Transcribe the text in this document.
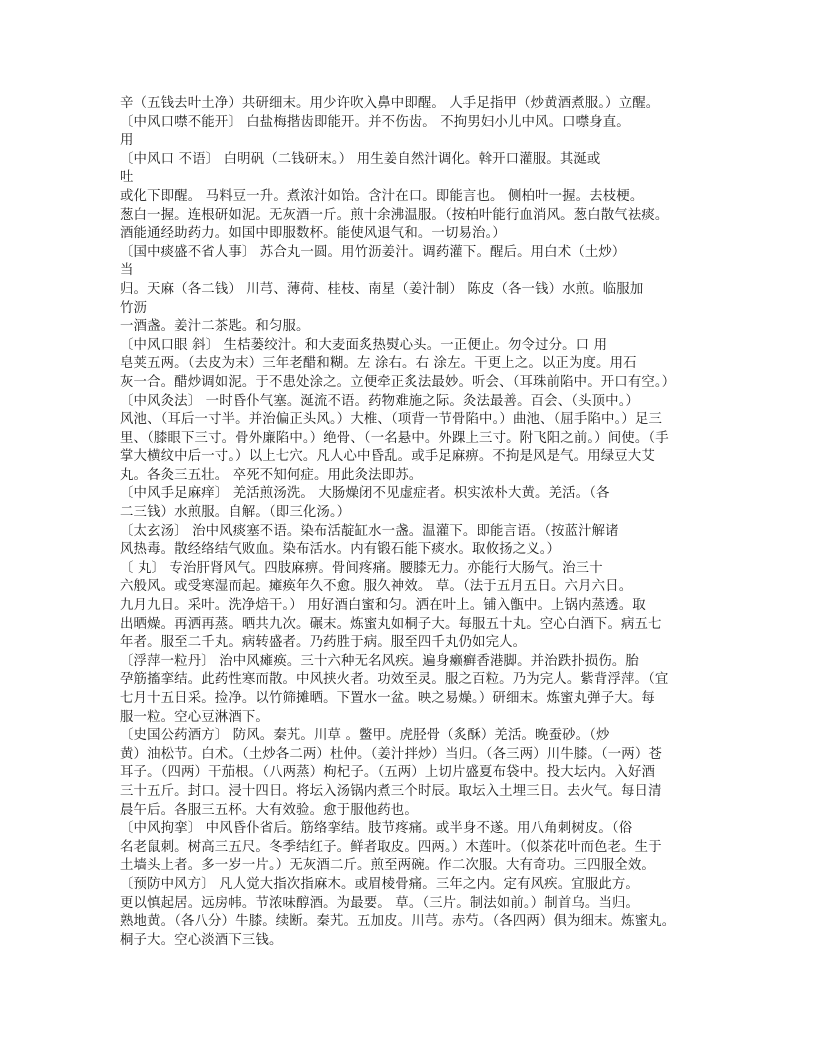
辛（五钱去叶土净）共研细末。用少许吹入鼻中即醒。 人手足指甲（炒黄酒煮服。）立醒。
〔中风口噤不能开〕 白盐梅揩齿即能开。并不伤齿。 不拘男妇小儿中风。口噤身直。
用
〔中风口 不语〕 白明矾（二钱研末。） 用生姜自然汁调化。斡开口灌服。其涎或
吐
或化下即醒。 马料豆一升。煮浓汁如饴。含汁在口。即能言也。 侧柏叶一握。去枝梗。
葱白一握。连根研如泥。无灰酒一斤。煎十余沸温服。（按柏叶能行血消风。葱白散气祛痰。
酒能通经助药力。如国中即服数杯。能使风退气和。一切易治。）
〔国中痰盛不省人事〕 苏合丸一圆。用竹沥姜汁。调药灌下。醒后。用白术（土炒）
当
归。天麻（各二钱） 川芎、薄荷、桂枝、南星（姜汁制） 陈皮（各一钱）水煎。临服加
竹沥
一酒盏。姜汁二茶匙。和匀服。
〔中风口眼 斜〕 生桔蒌绞汁。和大麦面炙热熨心头。一正便止。勿令过分。口 用
皂荚五两。（去皮为末）三年老醋和糊。左 涂右。右 涂左。干更上之。以正为度。用石
灰一合。醋炒调如泥。于不患处涂之。立便牵正炙法最妙。听会、（耳珠前陷中。开口有空。）
〔中风灸法〕 一时昏仆气塞。涎流不语。药物难施之际。灸法最善。百会、（头顶中。）
风池、（耳后一寸半。并治偏正头风。）大椎、（项背一节骨陷中。）曲池、（屈手陷中。）足三
里、（膝眼下三寸。骨外廉陷中。）绝骨、（一名悬中。外踝上三寸。附飞阳之前。）间使。（手
掌大横纹中后一寸。）以上七穴。凡人心中昏乱。或手足麻痹。不拘是风是气。用绿豆大艾
丸。各灸三五壮。 卒死不知何症。用此灸法即苏。
〔中风手足麻痒〕 羌活煎汤洗。 大肠燥闭不见虚症者。枳实浓朴大黄。羌活。（各
二三钱）水煎服。自解。（即三化汤。）
〔太玄汤〕 治中风痰塞不语。染布活靛缸水一盏。温灌下。即能言语。（按蓝汁解诸
风热毒。散经络结气败血。染布活水。内有锻石能下痰水。取攸扬之义。）
〔 丸〕 专治肝肾风气。四肢麻痹。骨间疼痛。腰膝无力。亦能行大肠气。治三十
六般风。或受寒湿而起。瘫痪年久不愈。服久神效。 草。（法于五月五日。六月六日。
九月九日。采叶。洗净焙干。） 用好酒白蜜和匀。洒在叶上。铺入甑中。上锅内蒸透。取
出晒燥。再洒再蒸。晒共九次。碾末。炼蜜丸如桐子大。每服五十丸。空心白酒下。病五七
年者。服至二千丸。病转盛者。乃药胜于病。服至四千丸仍如完人。
〔浮萍一粒丹〕 治中风瘫痪。三十六种无名风疾。遍身癞癣香港脚。并治跌扑损伤。胎
孕筋搐挛结。此药性寒而散。中风挟火者。功效至灵。服之百粒。乃为完人。紫背浮萍。（宜
七月十五日采。捡净。以竹筛摊晒。下置水一盆。映之易燥。）研细末。炼蜜丸弹子大。每
服一粒。空心豆淋酒下。
〔史国公药酒方〕 防风。秦艽。川草 。鳖甲。虎胫骨（炙酥）羌活。晚蚕砂。（炒
黄）油松节。白术。（土炒各二两）杜仲。（姜汁拌炒）当归。（各三两）川牛膝。（一两）苍
耳子。（四两）干茄根。（八两蒸）枸杞子。（五两）上切片盛夏布袋中。投大坛内。入好酒
三十五斤。封口。浸十四日。将坛入汤锅内煮三个时辰。取坛入土埋三日。去火气。每日清
晨午后。各服三五杯。大有效验。愈于服他药也。
〔中风拘挛〕 中风昏仆省后。筋络挛结。肢节疼痛。或半身不遂。用八角刺树皮。（俗
名老鼠刺。树高三五尺。冬季结红子。鲜者取皮。四两。）木莲叶。（似茶花叶而色老。生于
土墙头上者。多一岁一片。）无灰酒二斤。煎至两碗。作二次服。大有奇功。三四服全效。
〔预防中风方〕 凡人觉大指次指麻木。或眉棱骨痛。三年之内。定有风疾。宜服此方。
更以慎起居。远房帏。节浓味醇酒。为最要。 草。（三片。制法如前。）制首乌。当归。
熟地黄。（各八分）牛膝。续断。秦艽。五加皮。川芎。赤芍。（各四两）俱为细末。炼蜜丸。
桐子大。空心淡酒下三钱。
